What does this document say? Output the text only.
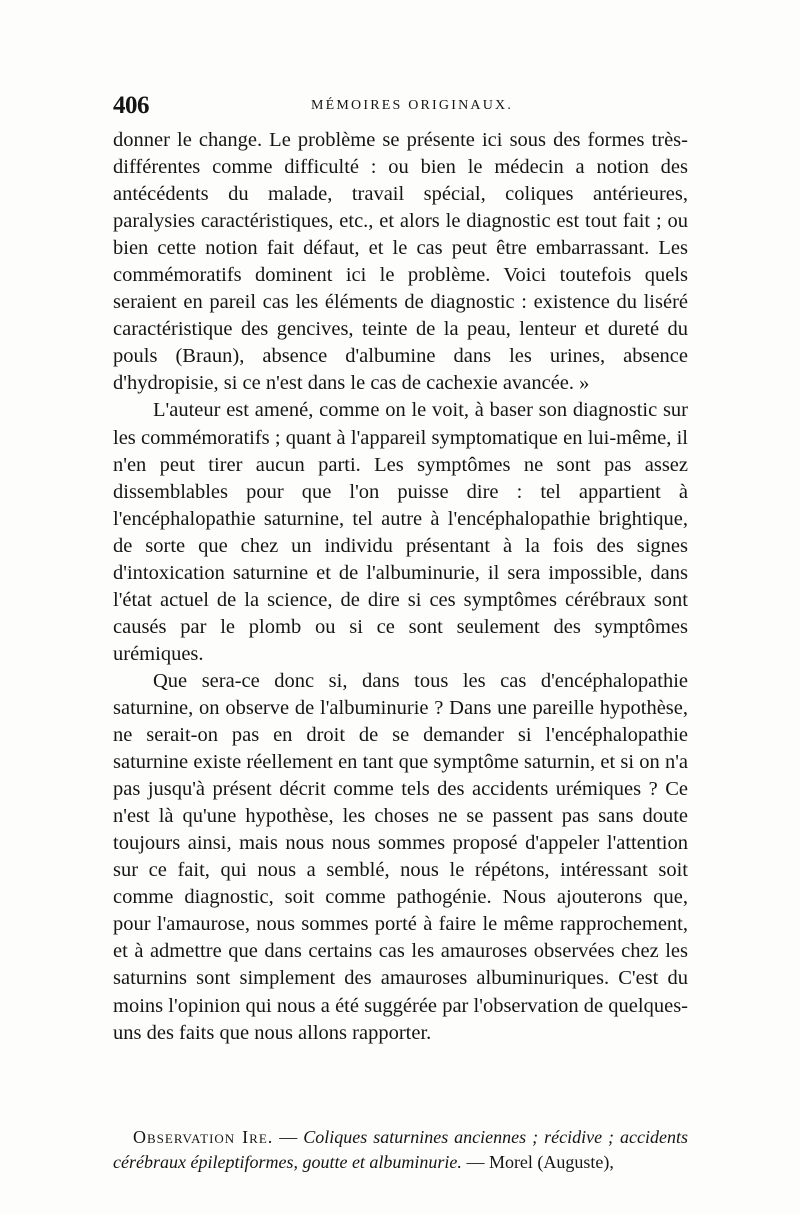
406	MÉMOIRES ORIGINAUX.

donner le change. Le problème se présente ici sous des formes très-différentes comme difficulté : ou bien le médecin a notion des antécédents du malade, travail spécial, coliques antérieures, paralysies caractéristiques, etc., et alors le diagnostic est tout fait ; ou bien cette notion fait défaut, et le cas peut être embarrassant. Les commémoratifs dominent ici le problème. Voici toutefois quels seraient en pareil cas les éléments de diagnostic : existence du liséré caractéristique des gencives, teinte de la peau, lenteur et dureté du pouls (Braun), absence d'albumine dans les urines, absence d'hydropisie, si ce n'est dans le cas de cachexie avancée. »

L'auteur est amené, comme on le voit, à baser son diagnostic sur les commémoratifs ; quant à l'appareil symptomatique en lui-même, il n'en peut tirer aucun parti. Les symptômes ne sont pas assez dissemblables pour que l'on puisse dire : tel appartient à l'encéphalopathie saturnine, tel autre à l'encéphalopathie brightique, de sorte que chez un individu présentant à la fois des signes d'intoxication saturnine et de l'albuminurie, il sera impossible, dans l'état actuel de la science, de dire si ces symptômes cérébraux sont causés par le plomb ou si ce sont seulement des symptômes urémiques.

Que sera-ce donc si, dans tous les cas d'encéphalopathie saturnine, on observe de l'albuminurie ? Dans une pareille hypothèse, ne serait-on pas en droit de se demander si l'encéphalopathie saturnine existe réellement en tant que symptôme saturnin, et si on n'a pas jusqu'à présent décrit comme tels des accidents urémiques ? Ce n'est là qu'une hypothèse, les choses ne se passent pas sans doute toujours ainsi, mais nous nous sommes proposé d'appeler l'attention sur ce fait, qui nous a semblé, nous le répétons, intéressant soit comme diagnostic, soit comme pathogénie. Nous ajouterons que, pour l'amaurose, nous sommes porté à faire le même rapprochement, et à admettre que dans certains cas les amauroses observées chez les saturnins sont simplement des amauroses albuminuriques. C'est du moins l'opinion qui nous a été suggérée par l'observation de quelques-uns des faits que nous allons rapporter.

Observation Ire. — Coliques saturnines anciennes ; récidive ; accidents cérébraux épileptiformes, goutte et albuminurie. — Morel (Auguste),
